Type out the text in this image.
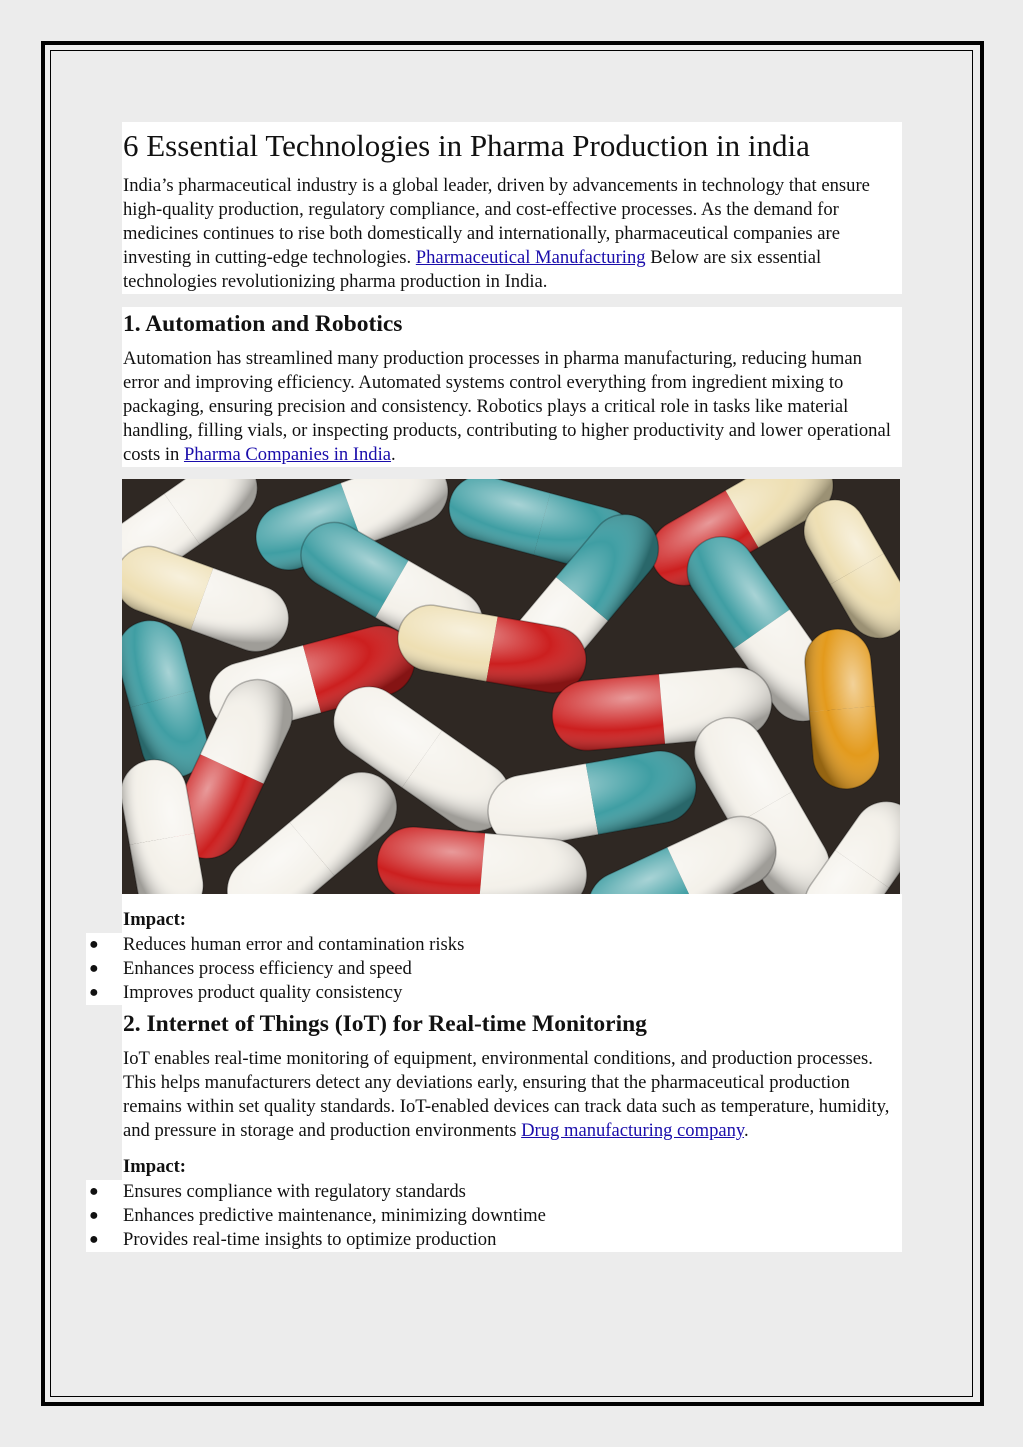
6 Essential Technologies in Pharma Production in india

India’s pharmaceutical industry is a global leader, driven by advancements in technology that ensure high-quality production, regulatory compliance, and cost-effective processes. As the demand for medicines continues to rise both domestically and internationally, pharmaceutical companies are investing in cutting-edge technologies. Pharmaceutical Manufacturing Below are six essential technologies revolutionizing pharma production in India.

1. Automation and Robotics

Automation has streamlined many production processes in pharma manufacturing, reducing human error and improving efficiency. Automated systems control everything from ingredient mixing to packaging, ensuring precision and consistency. Robotics plays a critical role in tasks like material handling, filling vials, or inspecting products, contributing to higher productivity and lower operational costs in Pharma Companies in India.

Impact:
● Reduces human error and contamination risks
● Enhances process efficiency and speed
● Improves product quality consistency
2. Internet of Things (IoT) for Real-time Monitoring

IoT enables real-time monitoring of equipment, environmental conditions, and production processes. This helps manufacturers detect any deviations early, ensuring that the pharmaceutical production remains within set quality standards. IoT-enabled devices can track data such as temperature, humidity, and pressure in storage and production environments Drug manufacturing company.

Impact:
● Ensures compliance with regulatory standards
● Enhances predictive maintenance, minimizing downtime
● Provides real-time insights to optimize production
